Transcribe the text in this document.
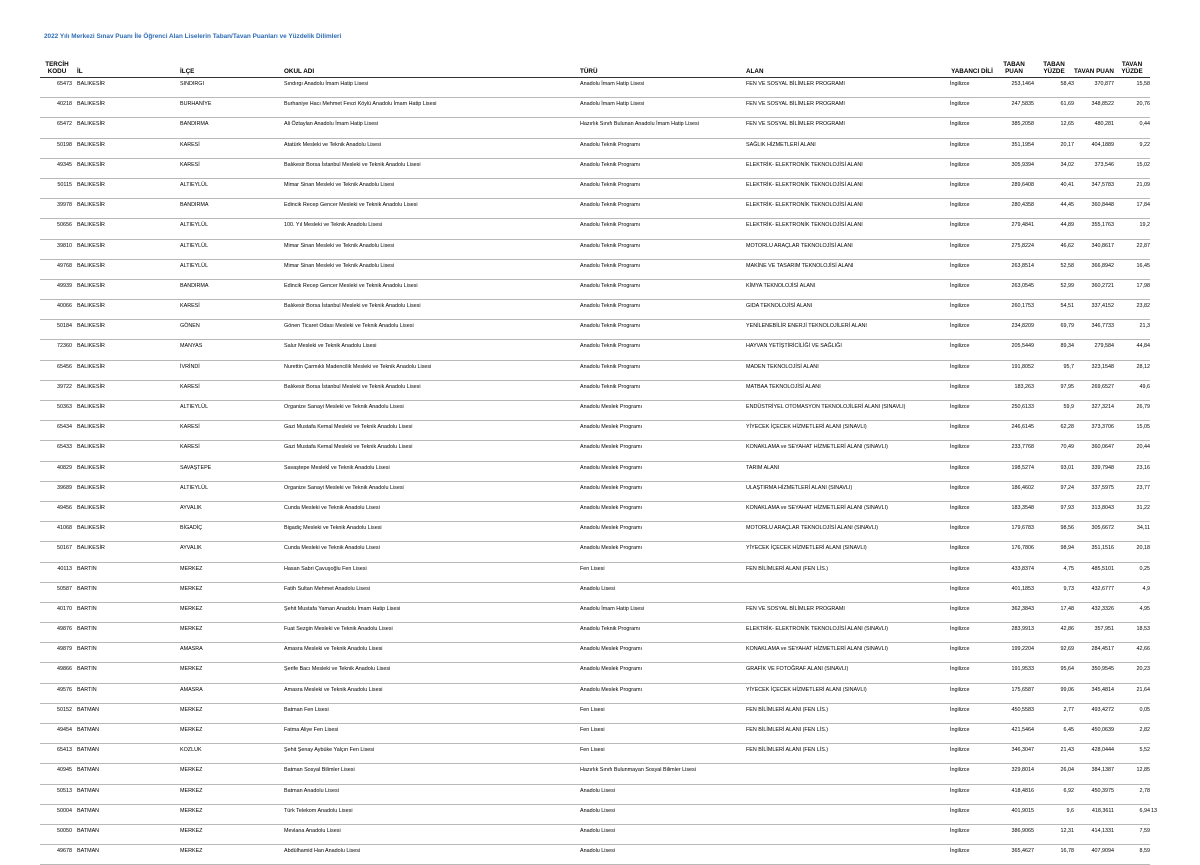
2022 Yılı Merkezi Sınav Puanı İle Öğrenci Alan Liselerin Taban/Tavan Puanları ve Yüzdelik Dilimleri
TERCİH KODU	İL	İLÇE	OKUL ADI	TÜRÜ	ALAN	YABANCI DİLİ	TABAN PUAN	TABAN YÜZDE	TAVAN PUAN	TAVAN YÜZDE
65473	BALIKESİR	SINDIRGI	Sındırgı Anadolu İmam Hatip Lisesi	Anadolu İmam Hatip Lisesi	FEN VE SOSYAL BİLİMLER PROGRAMI	İngilizce	253,1464	58,43	370,877	15,58
40218	BALIKESİR	BURHANİYE	Burhaniye Hacı Mehmet Fevzi Köylü Anadolu İmam Hatip Lisesi	Anadolu İmam Hatip Lisesi	FEN VE SOSYAL BİLİMLER PROGRAMI	İngilizce	247,5835	61,69	348,8522	20,76
65472	BALIKESİR	BANDIRMA	Ali Öztaylan Anadolu İmam Hatip Lisesi	Hazırlık Sınıfı Bulunan Anadolu İmam Hatip Lisesi	FEN VE SOSYAL BİLİMLER PROGRAMI	İngilizce	385,2058	12,65	480,281	0,44
50198	BALIKESİR	KARESİ	Atatürk Mesleki ve Teknik Anadolu Lisesi	Anadolu Teknik Programı	SAĞLIK HİZMETLERİ ALANI	İngilizce	351,1954	20,17	404,1889	9,22
49345	BALIKESİR	KARESİ	Balıkesir Borsa İstanbul Mesleki ve Teknik Anadolu Lisesi	Anadolu Teknik Programı	ELEKTRİK- ELEKTRONİK TEKNOLOJİSİ ALANI	İngilizce	305,9394	34,02	373,546	15,02
50115	BALIKESİR	ALTIEYLÜL	Mimar Sinan Mesleki ve Teknik Anadolu Lisesi	Anadolu Teknik Programı	ELEKTRİK- ELEKTRONİK TEKNOLOJİSİ ALANI	İngilizce	289,6408	40,41	347,5783	21,09
39978	BALIKESİR	BANDIRMA	Edincik Recep Gencer Mesleki ve Teknik Anadolu Lisesi	Anadolu Teknik Programı	ELEKTRİK- ELEKTRONİK TEKNOLOJİSİ ALANI	İngilizce	280,4358	44,45	360,8448	17,84
50656	BALIKESİR	ALTIEYLÜL	100. Yıl Mesleki ve Teknik Anadolu Lisesi	Anadolu Teknik Programı	ELEKTRİK- ELEKTRONİK TEKNOLOJİSİ ALANI	İngilizce	279,4841	44,89	355,1763	19,2
39810	BALIKESİR	ALTIEYLÜL	Mimar Sinan Mesleki ve Teknik Anadolu Lisesi	Anadolu Teknik Programı	MOTORLU ARAÇLAR TEKNOLOJİSİ ALANI	İngilizce	275,8224	46,62	340,8617	22,87
49768	BALIKESİR	ALTIEYLÜL	Mimar Sinan Mesleki ve Teknik Anadolu Lisesi	Anadolu Teknik Programı	MAKİNE VE TASARIM TEKNOLOJİSİ ALANI	İngilizce	263,8514	52,58	366,8942	16,45
49939	BALIKESİR	BANDIRMA	Edincik Recep Gencer Mesleki ve Teknik Anadolu Lisesi	Anadolu Teknik Programı	KİMYA TEKNOLOJİSİ ALANI	İngilizce	263,0545	52,99	360,2721	17,98
40066	BALIKESİR	KARESİ	Balıkesir Borsa İstanbul Mesleki ve Teknik Anadolu Lisesi	Anadolu Teknik Programı	GIDA TEKNOLOJİSİ ALANI	İngilizce	260,1753	54,51	337,4152	23,82
50184	BALIKESİR	GÖNEN	Gönen Ticaret Odası Mesleki ve Teknik Anadolu Lisesi	Anadolu Teknik Programı	YENİLENEBİLİR ENERJİ TEKNOLOJİLERİ ALANI	İngilizce	234,8209	69,79	346,7733	21,3
72360	BALIKESİR	MANYAS	Salur Mesleki ve Teknik Anadolu Lisesi	Anadolu Teknik Programı	HAYVAN YETİŞTİRİCİLİĞİ VE SAĞLIĞI	İngilizce	205,5449	89,34	279,584	44,84
65456	BALIKESİR	İVRİNDİ	Nurettin Çarmıklı Madencilik Mesleki ve Teknik Anadolu Lisesi	Anadolu Teknik Programı	MADEN TEKNOLOJİSİ ALANI	İngilizce	191,8052	95,7	323,1548	28,12
39722	BALIKESİR	KARESİ	Balıkesir Borsa İstanbul Mesleki ve Teknik Anadolu Lisesi	Anadolu Teknik Programı	MATBAA TEKNOLOJİSİ ALANI	İngilizce	183,263	97,95	269,6527	49,6
50363	BALIKESİR	ALTIEYLÜL	Organize Sanayi Mesleki ve Teknik Anadolu Lisesi	Anadolu Meslek Programı	ENDÜSTRİYEL OTOMASYON TEKNOLOJİLERİ ALANI (SINAVLI)	İngilizce	250,6133	59,9	327,3214	26,79
65434	BALIKESİR	KARESİ	Gazi Mustafa Kemal Mesleki ve Teknik Anadolu Lisesi	Anadolu Meslek Programı	YİYECEK İÇECEK HİZMETLERİ ALANI (SINAVLI)	İngilizce	246,6145	62,28	373,3706	15,05
65433	BALIKESİR	KARESİ	Gazi Mustafa Kemal Mesleki ve Teknik Anadolu Lisesi	Anadolu Meslek Programı	KONAKLAMA ve SEYAHAT HİZMETLERİ ALANI (SINAVLI)	İngilizce	233,7768	70,49	360,0647	20,44
40829	BALIKESİR	SAVAŞTEPE	Savaştepe Meslekİ ve Teknik Anadolu Lisesi	Anadolu Meslek Programı	TARIM ALANI	İngilizce	198,5274	93,01	339,7948	23,16
39689	BALIKESİR	ALTIEYLÜL	Organize Sanayi Mesleki ve Teknik Anadolu Lisesi	Anadolu Meslek Programı	ULAŞTIRMA HİZMETLERİ ALANI (SINAVLI)	İngilizce	186,4602	97,24	337,5975	23,77
49456	BALIKESİR	AYVALIK	Cunda Mesleki ve Teknik Anadolu Lisesi	Anadolu Meslek Programı	KONAKLAMA ve SEYAHAT HİZMETLERİ ALANI (SINAVLI)	İngilizce	183,3548	97,93	313,8043	31,22
41068	BALIKESİR	BİGADİÇ	Bigadiç Mesleki ve Teknik Anadolu Lisesi	Anadolu Meslek Programı	MOTORLU ARAÇLAR TEKNOLOJİSİ ALANI (SINAVLI)	İngilizce	179,6783	98,56	305,6672	34,11
50167	BALIKESİR	AYVALIK	Cunda Mesleki ve Teknik Anadolu Lisesi	Anadolu Meslek Programı	YİYECEK İÇECEK HİZMETLERİ ALANI (SINAVLI)	İngilizce	176,7806	98,94	351,1516	20,18
40113	BARTIN	MERKEZ	Hasan Sabri Çavuşoğlu Fen Lisesi	Fen Lisesi	FEN BİLİMLERİ ALANI (FEN LİS.)	İngilizce	433,8374	4,75	485,5101	0,25
50587	BARTIN	MERKEZ	Fatih Sultan Mehmet Anadolu Lisesi	Anadolu Lisesi		İngilizce	401,1853	9,73	432,6777	4,9
40170	BARTIN	MERKEZ	Şehit Mustafa Yaman Anadolu İmam Hatip Lisesi	Anadolu İmam Hatip Lisesi	FEN VE SOSYAL BİLİMLER PROGRAMI	İngilizce	362,3843	17,48	432,3326	4,95
49876	BARTIN	MERKEZ	Fuat Sezgin Mesleki ve Teknik Anadolu Lisesi	Anadolu Teknik Programı	ELEKTRİK- ELEKTRONİK TEKNOLOJİSİ ALANI (SINAVLI)	İngilizce	283,9913	42,86	357,951	18,53
49879	BARTIN	AMASRA	Amasra Mesleki ve Teknik Anadolu Lisesi	Anadolu Meslek Programı	KONAKLAMA ve SEYAHAT HİZMETLERİ ALANI (SINAVLI)	İngilizce	199,2204	92,69	284,4517	42,66
49866	BARTIN	MERKEZ	Şerife Bacı Mesleki ve Teknik Anadolu Lisesi	Anadolu Meslek Programı	GRAFİK VE FOTOĞRAF ALANI (SINAVLI)	İngilizce	191,9533	95,64	350,9545	20,23
49576	BARTIN	AMASRA	Amasra Mesleki ve Teknik Anadolu Lisesi	Anadolu Meslek Programı	YİYECEK İÇECEK HİZMETLERİ ALANI (SINAVLI)	İngilizce	175,6587	99,06	345,4814	21,64
50152	BATMAN	MERKEZ	Batman Fen Lisesi	Fen Lisesi	FEN BİLİMLERİ ALANI (FEN LİS.)	İngilizce	450,5583	2,77	493,4272	0,05
49454	BATMAN	MERKEZ	Fatma Aliye Fen Lisesi	Fen Lisesi	FEN BİLİMLERİ ALANI (FEN LİS.)	İngilizce	421,5464	6,45	450,0639	2,82
65413	BATMAN	KOZLUK	Şehit Şenay Aybüke Yalçın Fen Lisesi	Fen Lisesi	FEN BİLİMLERİ ALANI (FEN LİS.)	İngilizce	346,3047	21,43	428,0444	5,52
40945	BATMAN	MERKEZ	Batman Sosyal Bilimler Lisesi	Hazırlık Sınıfı Bulunmayan Sosyal Bilimler Lisesi		İngilizce	329,8014	26,04	384,1387	12,85
50513	BATMAN	MERKEZ	Batman Anadolu Lisesi	Anadolu Lisesi		İngilizce	418,4816	6,92	450,3975	2,78
50004	BATMAN	MERKEZ	Türk Telekom Anadolu Lisesi	Anadolu Lisesi		İngilizce	401,9015	9,6	418,3611	6,94
50050	BATMAN	MERKEZ	Mevlana Anadolu Lisesi	Anadolu Lisesi		İngilizce	386,9065	12,31	414,1331	7,59
49678	BATMAN	MERKEZ	Abdülhamid Han Anadolu Lisesi	Anadolu Lisesi		İngilizce	365,4627	16,78	407,9094	8,59
13
